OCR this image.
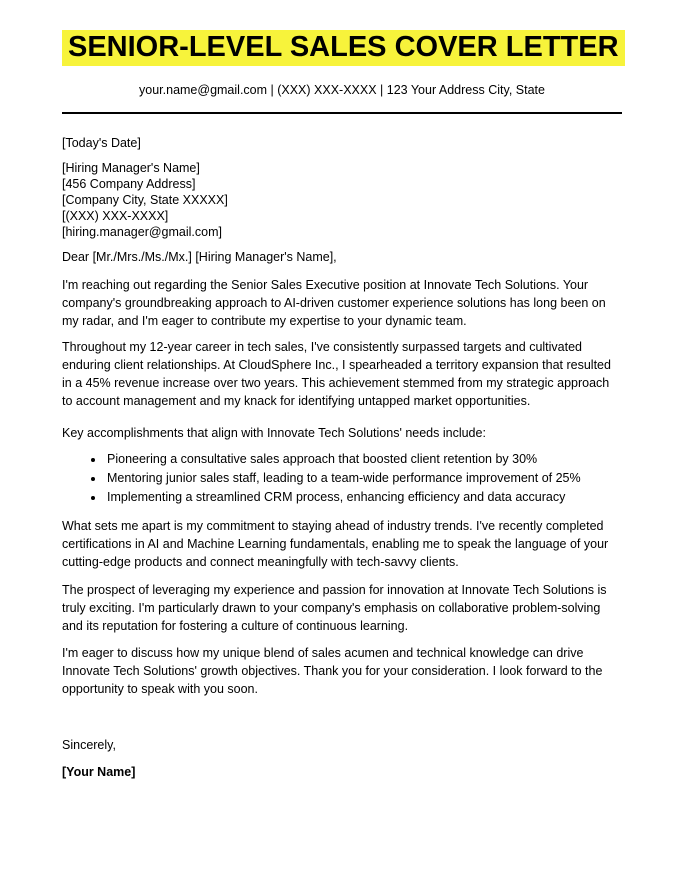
SENIOR-LEVEL SALES COVER LETTER
your.name@gmail.com | (XXX) XXX-XXXX | 123 Your Address City, State
[Today's Date]
[Hiring Manager's Name]
[456 Company Address]
[Company City, State XXXXX]
[(XXX) XXX-XXXX]
[hiring.manager@gmail.com]
Dear [Mr./Mrs./Ms./Mx.] [Hiring Manager's Name],

I'm reaching out regarding the Senior Sales Executive position at Innovate Tech Solutions. Your company's groundbreaking approach to AI-driven customer experience solutions has long been on my radar, and I'm eager to contribute my expertise to your dynamic team.

Throughout my 12-year career in tech sales, I've consistently surpassed targets and cultivated enduring client relationships. At CloudSphere Inc., I spearheaded a territory expansion that resulted in a 45% revenue increase over two years. This achievement stemmed from my strategic approach to account management and my knack for identifying untapped market opportunities.

Key accomplishments that align with Innovate Tech Solutions' needs include:
• Pioneering a consultative sales approach that boosted client retention by 30%
• Mentoring junior sales staff, leading to a team-wide performance improvement of 25%
• Implementing a streamlined CRM process, enhancing efficiency and data accuracy

What sets me apart is my commitment to staying ahead of industry trends. I've recently completed certifications in AI and Machine Learning fundamentals, enabling me to speak the language of your cutting-edge products and connect meaningfully with tech-savvy clients.

The prospect of leveraging my experience and passion for innovation at Innovate Tech Solutions is truly exciting. I'm particularly drawn to your company's emphasis on collaborative problem-solving and its reputation for fostering a culture of continuous learning.

I'm eager to discuss how my unique blend of sales acumen and technical knowledge can drive Innovate Tech Solutions' growth objectives. Thank you for your consideration. I look forward to the opportunity to speak with you soon.

Sincerely,
[Your Name]
